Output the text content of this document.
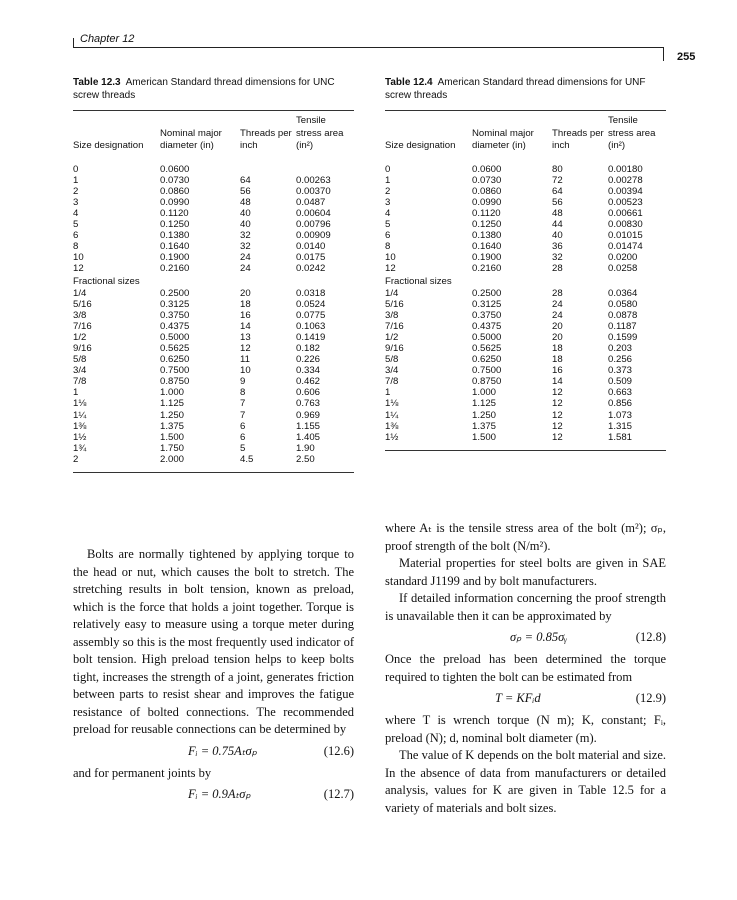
Chapter 12
255
Table 12.3 American Standard thread dimensions for UNC screw threads
Size designation	Nominal major diameter (in)	Threads per inch	Tensile stress area (in²)

0	0.0600		
1	0.0730	64	0.00263
2	0.0860	56	0.00370
3	0.0990	48	0.0487
4	0.1120	40	0.00604
5	0.1250	40	0.00796
6	0.1380	32	0.00909
8	0.1640	32	0.0140
10	0.1900	24	0.0175
12	0.2160	24	0.0242
Fractional sizes			
1/4	0.2500	20	0.0318
5/16	0.3125	18	0.0524
3/8	0.3750	16	0.0775
7/16	0.4375	14	0.1063
1/2	0.5000	13	0.1419
9/16	0.5625	12	0.182
5/8	0.6250	11	0.226
3/4	0.7500	10	0.334
7/8	0.8750	9	0.462
1	1.000	8	0.606
1⅛	1.125	7	0.763
1¼	1.250	7	0.969
1⅜	1.375	6	1.155
1½	1.500	6	1.405
1¾	1.750	5	1.90
2	2.000	4.5	2.50

Table 12.4 American Standard thread dimensions for UNF screw threads
Size designation	Nominal major diameter (in)	Threads per inch	Tensile stress area (in²)

0	0.0600	80	0.00180
1	0.0730	72	0.00278
2	0.0860	64	0.00394
3	0.0990	56	0.00523
4	0.1120	48	0.00661
5	0.1250	44	0.00830
6	0.1380	40	0.01015
8	0.1640	36	0.01474
10	0.1900	32	0.0200
12	0.2160	28	0.0258
Fractional sizes			
1/4	0.2500	28	0.0364
5/16	0.3125	24	0.0580
3/8	0.3750	24	0.0878
7/16	0.4375	20	0.1187
1/2	0.5000	20	0.1599
9/16	0.5625	18	0.203
5/8	0.6250	18	0.256
3/4	0.7500	16	0.373
7/8	0.8750	14	0.509
1	1.000	12	0.663
1⅛	1.125	12	0.856
1¼	1.250	12	1.073
1⅜	1.375	12	1.315
1½	1.500	12	1.581

Bolts are normally tightened by applying torque to the head or nut, which causes the bolt to stretch. The stretching results in bolt tension, known as preload, which is the force that holds a joint together. Torque is relatively easy to measure using a torque meter during assembly so this is the most frequently used indicator of bolt tension. High preload tension helps to keep bolts tight, increases the strength of a joint, generates friction between parts to resist shear and improves the fatigue resistance of bolted connections. The recommended preload for reusable connections can be determined by

Fᵢ = 0.75Aₜσₚ	(12.6)

and for permanent joints by

Fᵢ = 0.9Aₜσₚ	(12.7)

where Aₜ is the tensile stress area of the bolt (m²); σₚ, proof strength of the bolt (N/m²).

Material properties for steel bolts are given in SAE standard J1199 and by bolt manufacturers.

If detailed information concerning the proof strength is unavailable then it can be approximated by

σₚ = 0.85σᵧ	(12.8)

Once the preload has been determined the torque required to tighten the bolt can be estimated from

T = KFᵢd	(12.9)

where T is wrench torque (N m); K, constant; Fᵢ, preload (N); d, nominal bolt diameter (m).

The value of K depends on the bolt material and size. In the absence of data from manufacturers or detailed analysis, values for K are given in Table 12.5 for a variety of materials and bolt sizes.
